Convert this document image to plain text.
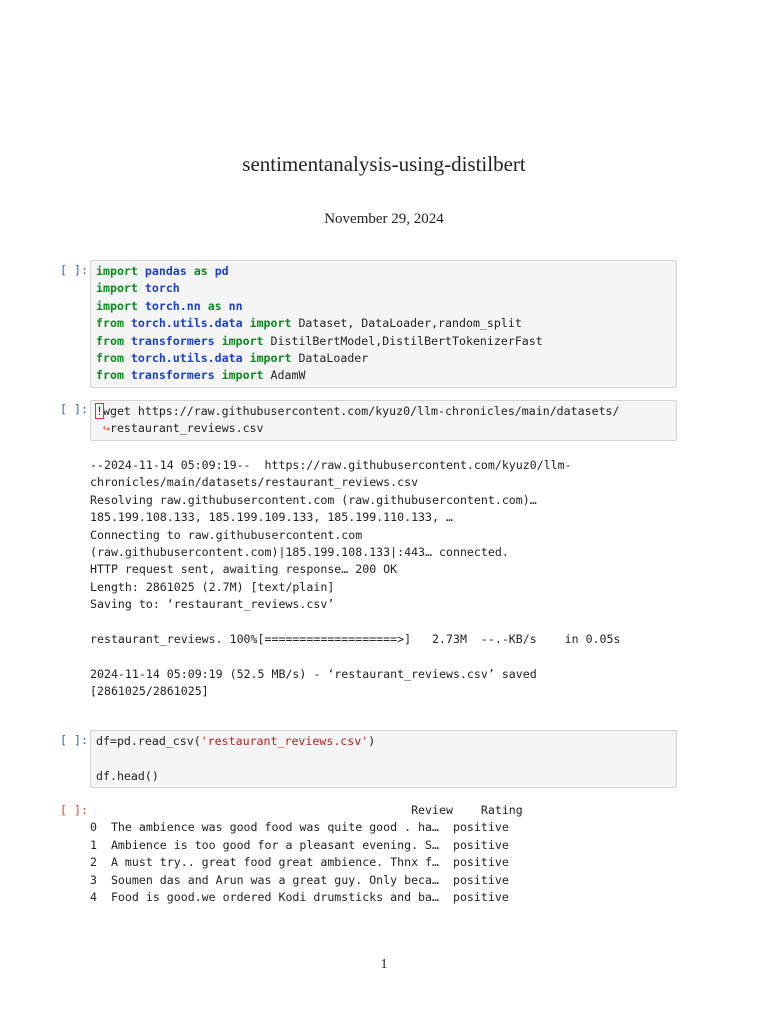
sentimentanalysis-using-distilbert
November 29, 2024
[ ]: import pandas as pd
import torch
import torch.nn as nn
from torch.utils.data import Dataset, DataLoader,random_split
from transformers import DistilBertModel,DistilBertTokenizerFast
from torch.utils.data import DataLoader
from transformers import AdamW
[ ]: !wget https://raw.githubusercontent.com/kyuz0/llm-chronicles/main/datasets/
↪restaurant_reviews.csv
--2024-11-14 05:09:19--  https://raw.githubusercontent.com/kyuz0/llm-
chronicles/main/datasets/restaurant_reviews.csv
Resolving raw.githubusercontent.com (raw.githubusercontent.com)…
185.199.108.133, 185.199.109.133, 185.199.110.133, …
Connecting to raw.githubusercontent.com
(raw.githubusercontent.com)|185.199.108.133|:443… connected.
HTTP request sent, awaiting response… 200 OK
Length: 2861025 (2.7M) [text/plain]
Saving to: ‘restaurant_reviews.csv’
restaurant_reviews. 100%[===================>]   2.73M  --.-KB/s    in 0.05s
2024-11-14 05:09:19 (52.5 MB/s) - ‘restaurant_reviews.csv’ saved
[2861025/2861025]
[ ]: df=pd.read_csv('restaurant_reviews.csv')
df.head()
[ ]: Review    Rating
0  The ambience was good food was quite good . ha…  positive
1  Ambience is too good for a pleasant evening. S…  positive
2  A must try.. great food great ambience. Thnx f…  positive
3  Soumen das and Arun was a great guy. Only beca…  positive
4  Food is good.we ordered Kodi drumsticks and ba…  positive
1
